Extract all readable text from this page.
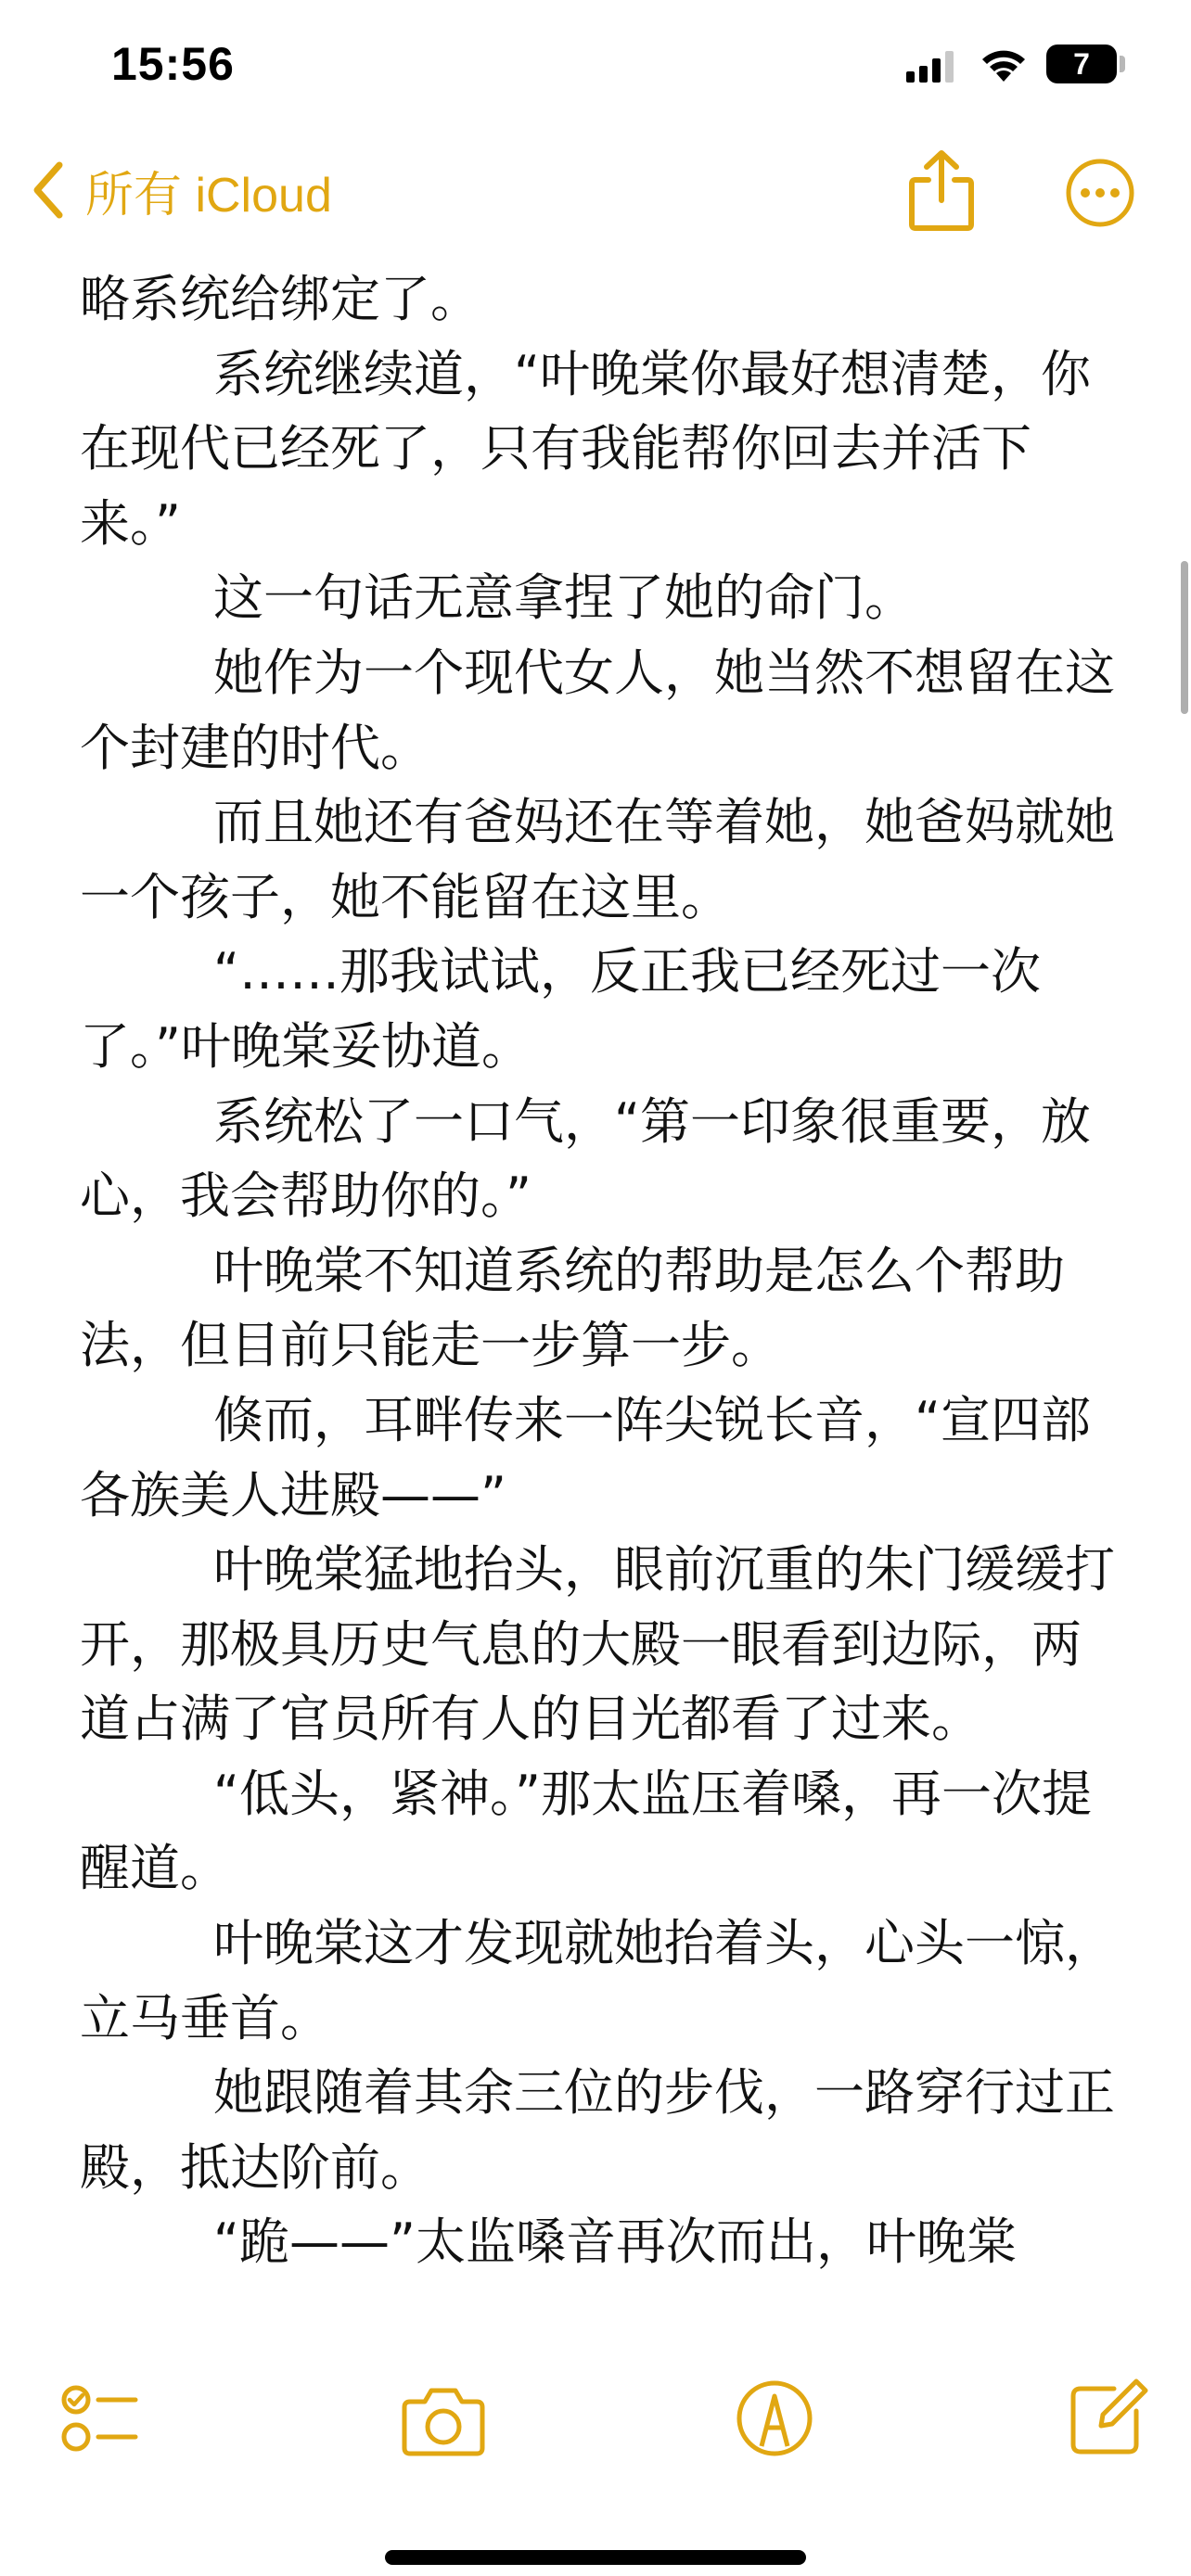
15:56	7
所有 iCloud

略系统给绑定了。

系统继续道，“叶晚棠你最好想清楚，你在现代已经死了，只有我能帮你回去并活下来。”

这一句话无意拿捏了她的命门。

她作为一个现代女人，她当然不想留在这个封建的时代。

而且她还有爸妈还在等着她，她爸妈就她一个孩子，她不能留在这里。

“……那我试试，反正我已经死过一次了。”叶晚棠妥协道。

系统松了一口气，“第一印象很重要，放心，我会帮助你的。”

叶晚棠不知道系统的帮助是怎么个帮助法，但目前只能走一步算一步。

倏而，耳畔传来一阵尖锐长音，“宣四部各族美人进殿——”

叶晚棠猛地抬头，眼前沉重的朱门缓缓打开，那极具历史气息的大殿一眼看到边际，两道占满了官员所有人的目光都看了过来。

“低头，紧神。”那太监压着嗓，再一次提醒道。

叶晚棠这才发现就她抬着头，心头一惊，立马垂首。

她跟随着其余三位的步伐，一路穿行过正殿，抵达阶前。

“跪——”太监嗓音再次而出，叶晚棠
